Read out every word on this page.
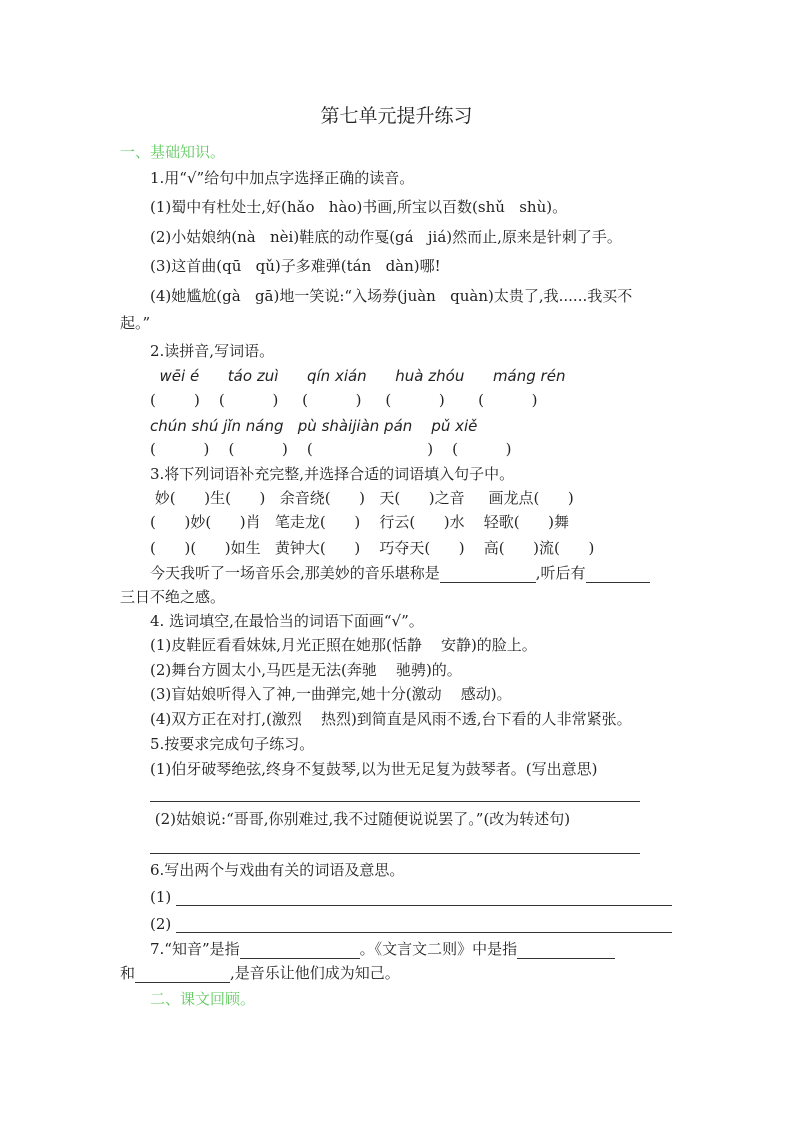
第七单元提升练习
一、基础知识。
1.用“√”给句中加点字选择正确的读音。
(1)蜀中有杜处士,好(hǎo   hào)书画,所宝以百数(shǔ   shù)。
(2)小姑娘纳(nà   nèi)鞋底的动作戛(gá   jiá)然而止,原来是针刺了手。
(3)这首曲(qū   qǔ)子多难弹(tán   dàn)哪!
(4)她尴尬(gà   gā)地一笑说:“入场券(juàn   quàn)太贵了,我......我买不
起。”
2.读拼音,写词语。
wēi é      táo zuì      qín xián      huà zhóu      máng rén
(        )    (          )     (          )     (          )       (          )
chún shú jǐn náng   pù shàijiàn pán    pǔ xiě
(          )    (          )    (                        )    (          )
3.将下列词语补充完整,并选择合适的词语填入句子中。
妙(      )生(      )   余音绕(      )   天(      )之音     画龙点(      )
(      )妙(      )肖   笔走龙(      )    行云(      )水    轻歌(      )舞
(      )(      )如生   黄钟大(      )    巧夺天(      )    高(      )流(      )
今天我听了一场音乐会,那美妙的音乐堪称是	,听后有
三日不绝之感。
4. 选词填空,在最恰当的词语下面画“√”。
(1)皮鞋匠看看妹妹,月光正照在她那(恬静    安静)的脸上。
(2)舞台方圆太小,马匹是无法(奔驰    驰骋)的。
(3)盲姑娘听得入了神,一曲弹完,她十分(激动    感动)。
(4)双方正在对打,(激烈    热烈)到简直是风雨不透,台下看的人非常紧张。
5.按要求完成句子练习。
(1)伯牙破琴绝弦,终身不复鼓琴,以为世无足复为鼓琴者。(写出意思)
(2)姑娘说:“哥哥,你别难过,我不过随便说说罢了。”(改为转述句)
6.写出两个与戏曲有关的词语及意思。
(1)
(2)
7.“知音”是指	。《文言文二则》中是指
和	,是音乐让他们成为知己。
二、课文回顾。
